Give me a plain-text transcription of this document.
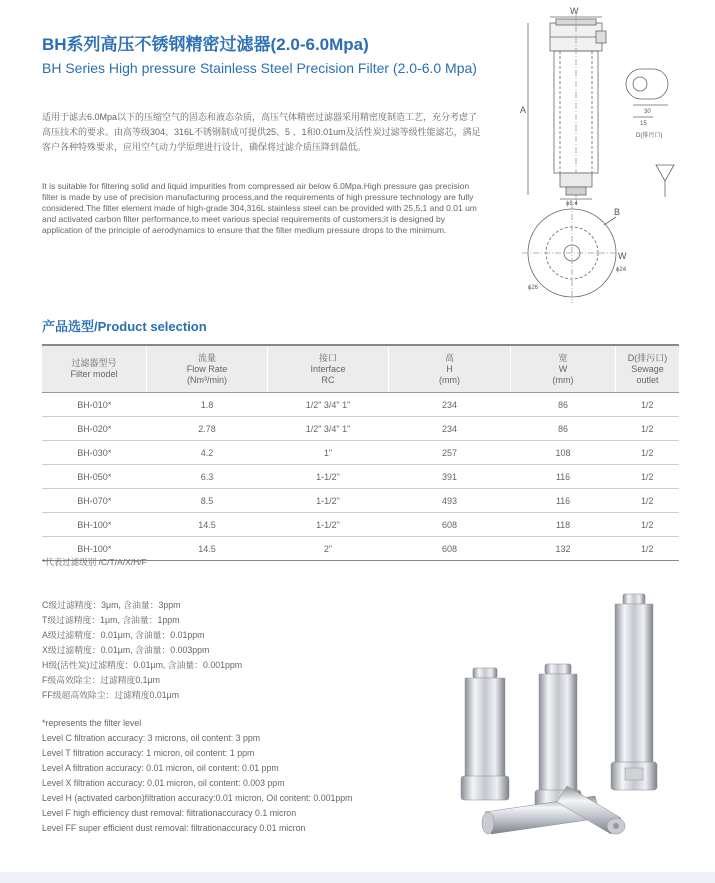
BH系列高压不锈钢精密过滤器(2.0-6.0Mpa)
BH Series High pressure Stainless Steel Precision Filter (2.0-6.0 Mpa)
适用于滤去6.0Mpa以下的压缩空气的固态和液态杂质，高压气体精密过滤器采用精密度制造工艺，充分考虑了高压技术的要求。由高等级304、316L不锈钢制成可提供25、5 、1和0.01um及活性炭过滤等级性能滤芯，满足客户各种特殊要求，应用空气动力学原理进行设计，确保将过滤介质压降到最低。
It is suitable for filtering solid and liquid impurities from compressed air below 6.0Mpa.High pressure gas precision filter is made by use of precision manufacturing process,and the requirements of high pressure technology are fully considered.The filter element made of high-grade 304,316L stainless steel can be provided with 25,5,1 and 0.01 um and activated carbon filter performance,to meet various special requirements of customers;it is designed by application of the principle of aerodynamics to ensure that the filter medium pressure drops to the minimum.
W
ϕ8.4
A	30
15
D(排污口)
B
W
ϕ24
ϕ26
产品选型/Product selection
过滤器型号
Filter model	流量
Flow Rate
(Nm³/min)	接口
Interface
RC	高
H
(mm)	宽
W
(mm)	D(排污口)
Sewage outlet

BH-010*	1.8	1/2" 3/4" 1"	234	86	1/2
BH-020*	2.78	1/2" 3/4" 1"	234	86	1/2
BH-030*	4.2	1"	257	108	1/2
BH-050*	6.3	1-1/2"	391	116	1/2
BH-070*	8.5	1-1/2"	493	116	1/2
BH-100*	14.5	1-1/2"	608	118	1/2
BH-100*	14.5	2"	608	132	1/2
*代表过滤级别 /C/T/A/X/H/F
C级过滤精度：3μm, 含油量：3ppm
T级过滤精度：1μm, 含油量：1ppm
A级过滤精度：0.01μm, 含油量：0.01ppm
X级过滤精度：0.01μm, 含油量：0.003ppm
H级(活性炭)过滤精度：0.01μm, 含油量：0.001ppm
F级高效除尘：过滤精度0.1μm
FF级超高效除尘：过滤精度0.01μm
*represents the filter level
Level C filtration accuracy: 3 microns, oil content: 3 ppm
Level T filtration accuracy: 1 micron, oil content: 1 ppm
Level A filtration accuracy: 0.01 micron, oil content: 0.01 ppm
Level X filtration accuracy: 0.01 micron, oil content: 0.003 ppm
Level H (activated carbon)filtration accuracy:0.01 micron, Oil content: 0.001ppm
Level F high efficiency dust removal: filtrationaccuracy 0.1 micron
Level FF super efficient dust removal: filtrationaccuracy 0.01 micron
